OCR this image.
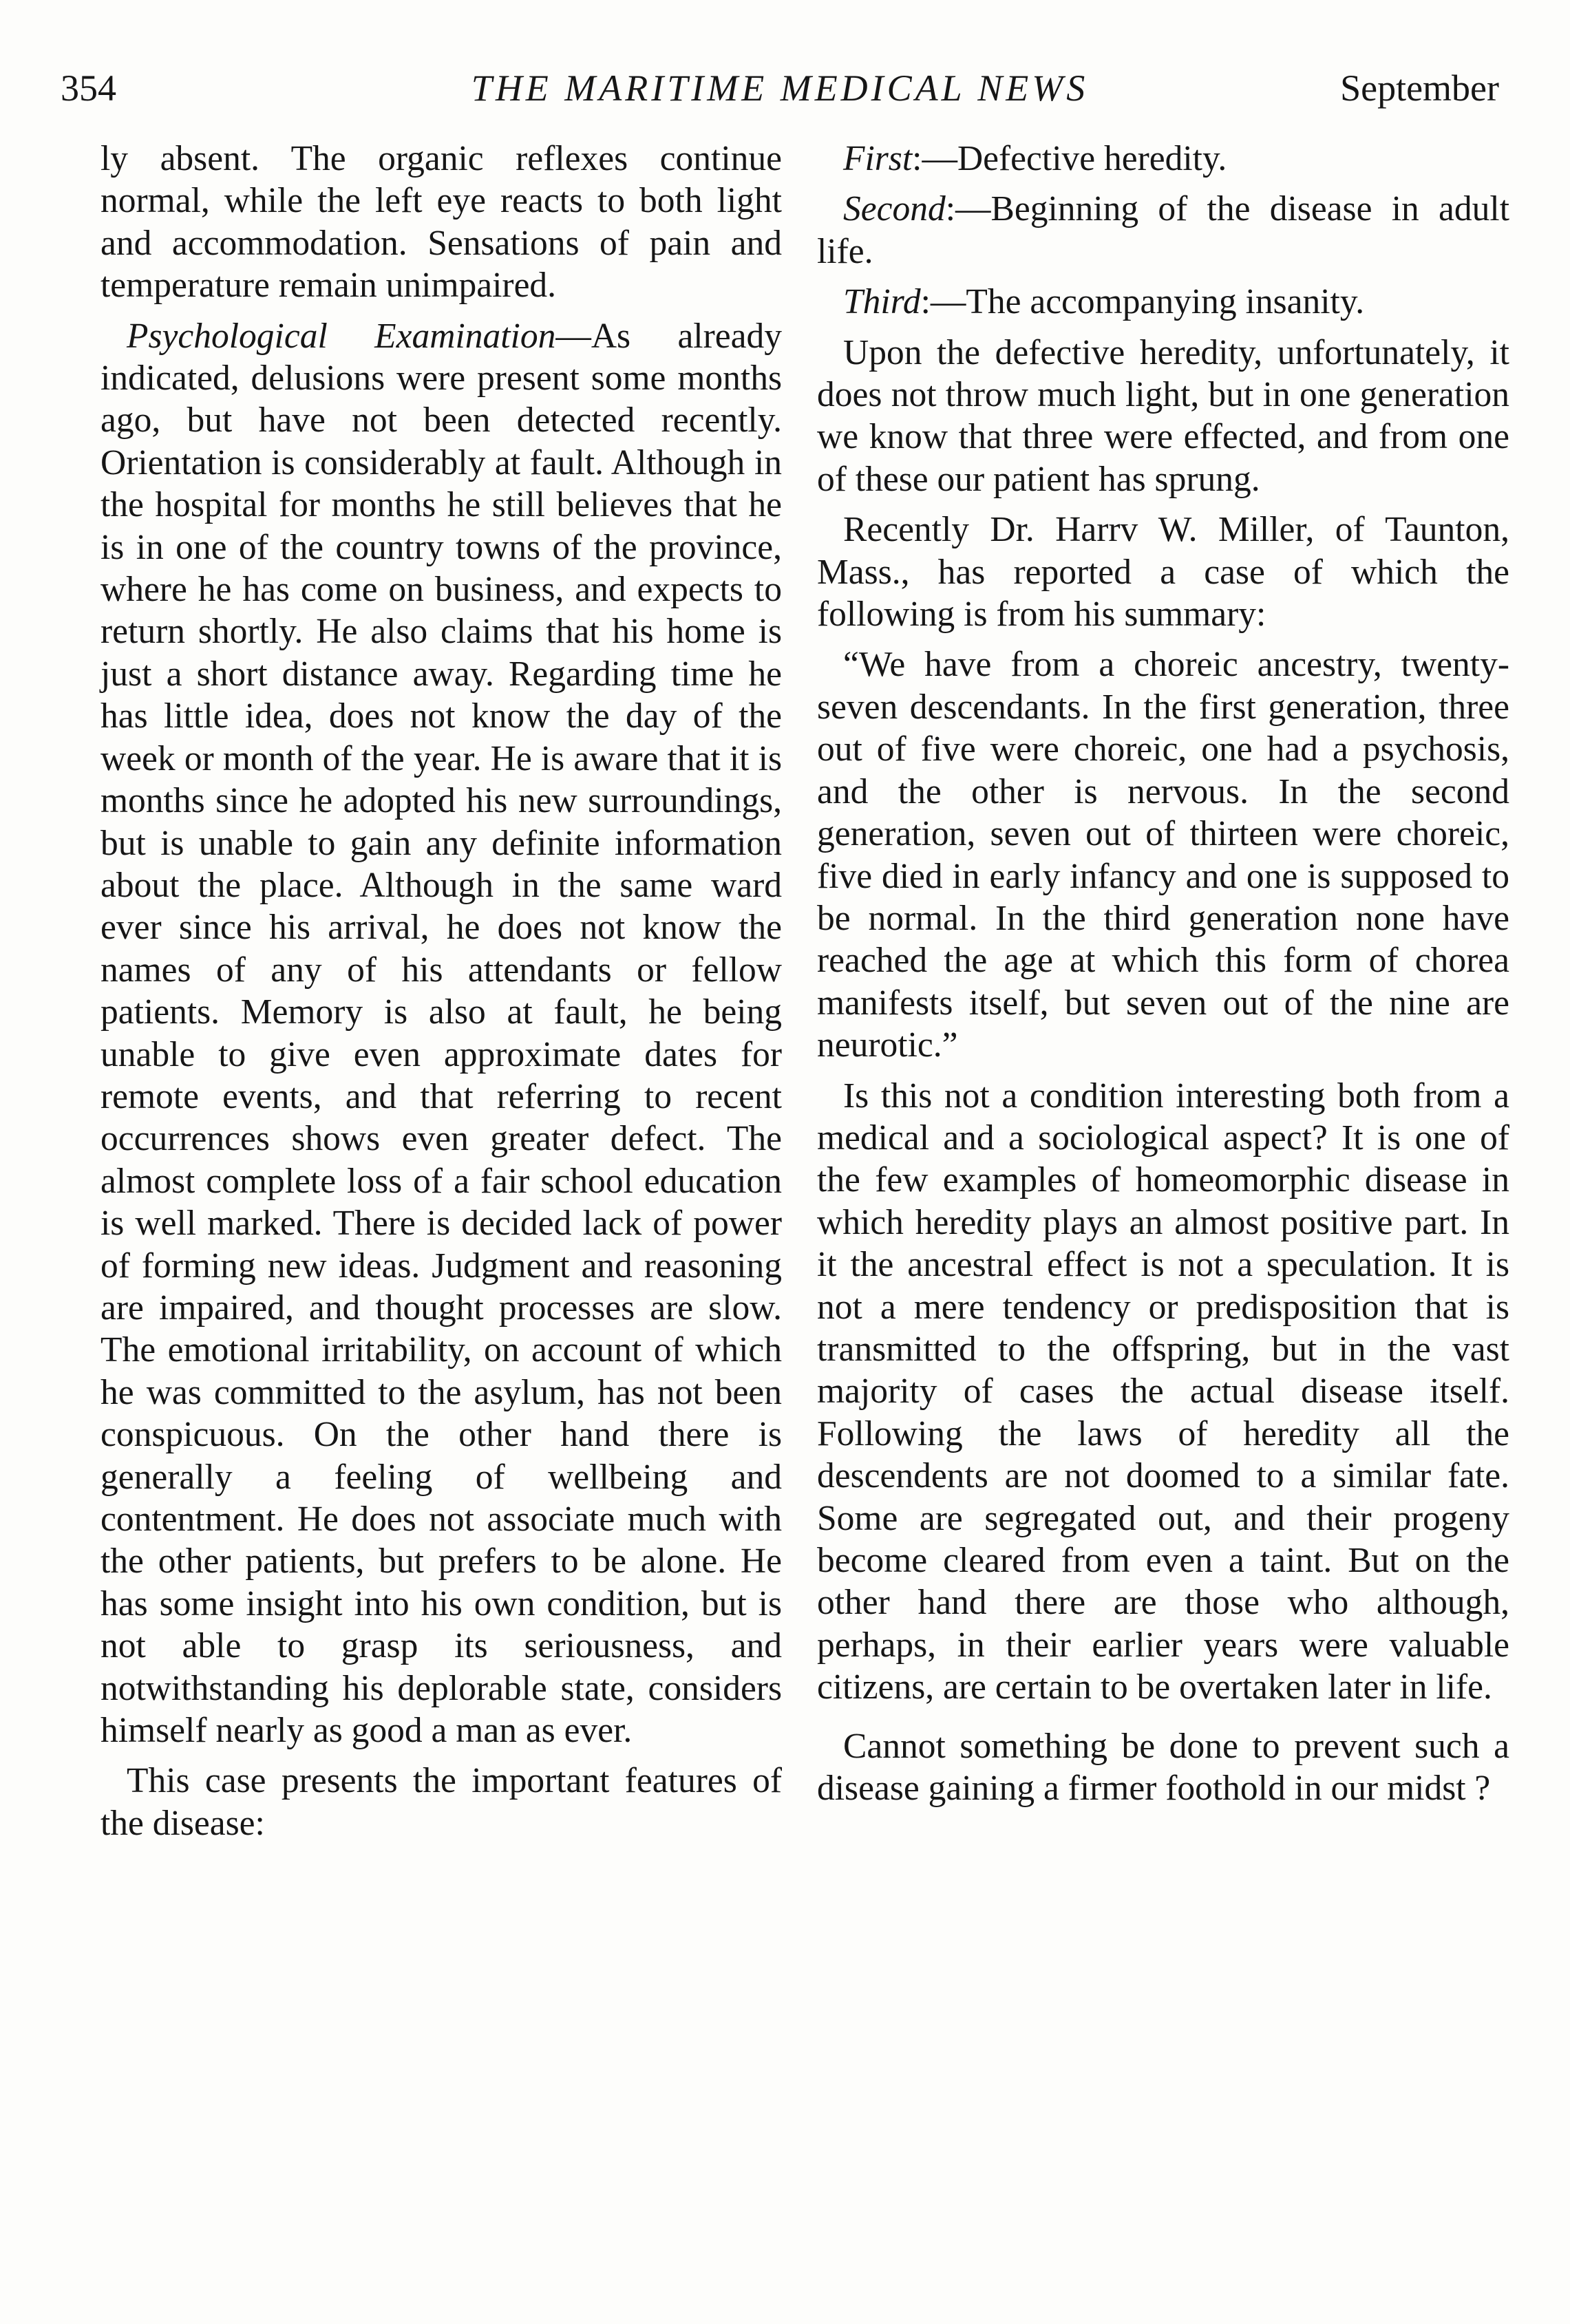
354	THE MARITIME MEDICAL NEWS	September

ly absent. The organic reflexes continue normal, while the left eye reacts to both light and accommodation. Sensations of pain and temperature remain unimpaired.

Psychological Examination—As already indicated, delusions were present some months ago, but have not been detected recently. Orientation is considerably at fault. Although in the hospital for months he still believes that he is in one of the country towns of the province, where he has come on business, and expects to return shortly. He also claims that his home is just a short distance away. Regarding time he has little idea, does not know the day of the week or month of the year. He is aware that it is months since he adopted his new surroundings, but is unable to gain any definite information about the place. Although in the same ward ever since his arrival, he does not know the names of any of his attendants or fellow patients. Memory is also at fault, he being unable to give even approximate dates for remote events, and that referring to recent occurrences shows even greater defect. The almost complete loss of a fair school education is well marked. There is decided lack of power of forming new ideas. Judgment and reasoning are impaired, and thought processes are slow. The emotional irritability, on account of which he was committed to the asylum, has not been conspicuous. On the other hand there is generally a feeling of wellbeing and contentment. He does not associate much with the other patients, but prefers to be alone. He has some insight into his own condition, but is not able to grasp its seriousness, and notwithstanding his deplorable state, considers himself nearly as good a man as ever.

This case presents the important features of the disease:

First:—Defective heredity.

Second:—Beginning of the disease in adult life.

Third:—The accompanying insanity.

Upon the defective heredity, unfortunately, it does not throw much light, but in one generation we know that three were effected, and from one of these our patient has sprung.

Recently Dr. Harrv W. Miller, of Taunton, Mass., has reported a case of which the following is from his summary:

“We have from a choreic ancestry, twenty-seven descendants. In the first generation, three out of five were choreic, one had a psychosis, and the other is nervous. In the second generation, seven out of thirteen were choreic, five died in early infancy and one is supposed to be normal. In the third generation none have reached the age at which this form of chorea manifests itself, but seven out of the nine are neurotic.”

Is this not a condition interesting both from a medical and a sociological aspect? It is one of the few examples of homeomorphic disease in which heredity plays an almost positive part. In it the ancestral effect is not a speculation. It is not a mere tendency or predisposition that is transmitted to the offspring, but in the vast majority of cases the actual disease itself. Following the laws of heredity all the descendents are not doomed to a similar fate. Some are segregated out, and their progeny become cleared from even a taint. But on the other hand there are those who although, perhaps, in their earlier years were valuable citizens, are certain to be overtaken later in life.

Cannot something be done to prevent such a disease gaining a firmer foothold in our midst ?
